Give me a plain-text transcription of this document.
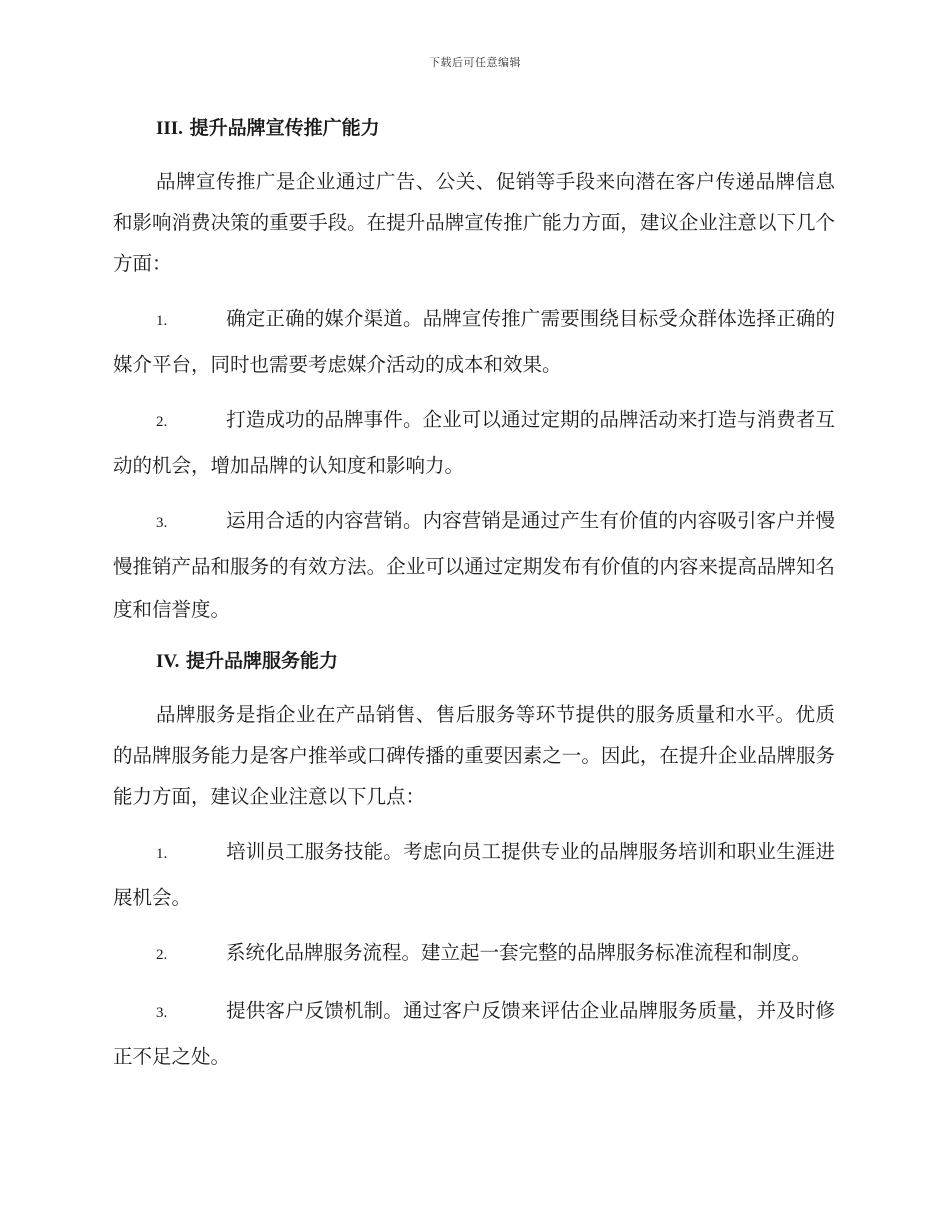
下载后可任意编辑
III. 提升品牌宣传推广能力

品牌宣传推广是企业通过广告、公关、促销等手段来向潜在客户传递品牌信息和影响消费决策的重要手段。在提升品牌宣传推广能力方面，建议企业注意以下几个方面：

1.	确定正确的媒介渠道。品牌宣传推广需要围绕目标受众群体选择正确的媒介平台，同时也需要考虑媒介活动的成本和效果。

2.	打造成功的品牌事件。企业可以通过定期的品牌活动来打造与消费者互动的机会，增加品牌的认知度和影响力。

3.	运用合适的内容营销。内容营销是通过产生有价值的内容吸引客户并慢慢推销产品和服务的有效方法。企业可以通过定期发布有价值的内容来提高品牌知名度和信誉度。

IV. 提升品牌服务能力

品牌服务是指企业在产品销售、售后服务等环节提供的服务质量和水平。优质的品牌服务能力是客户推举或口碑传播的重要因素之一。因此，在提升企业品牌服务能力方面，建议企业注意以下几点：

1.	培训员工服务技能。考虑向员工提供专业的品牌服务培训和职业生涯进展机会。

2.	系统化品牌服务流程。建立起一套完整的品牌服务标准流程和制度。

3.	提供客户反馈机制。通过客户反馈来评估企业品牌服务质量，并及时修正不足之处。
